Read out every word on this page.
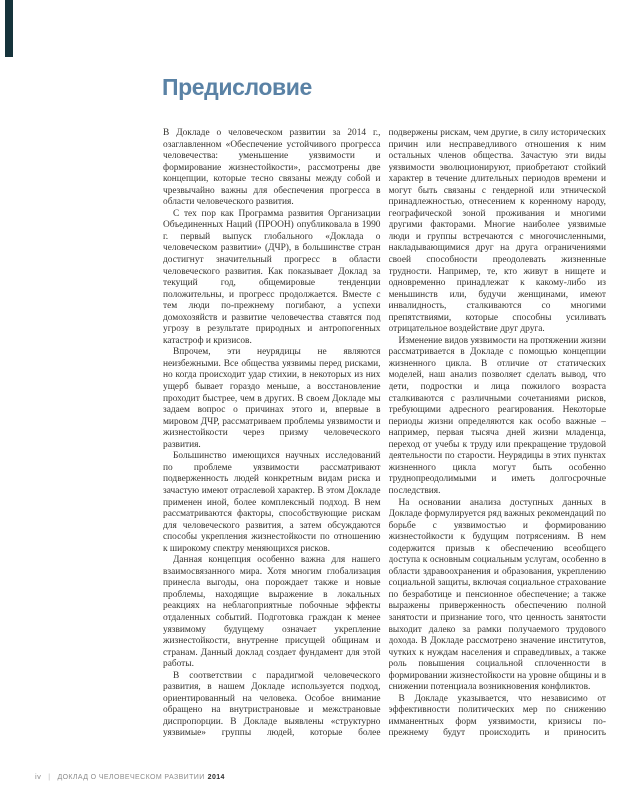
Предисловие

В Докладе о человеческом развитии за 2014 г., озаглавленном «Обеспечение устойчивого прогресса человечества: уменьшение уязвимости и формирование жизнестойкости», рассмотрены две концепции, которые тесно связаны между собой и чрезвычайно важны для обеспечения прогресса в области человеческого развития.

С тех пор как Программа развития Организации Объединенных Наций (ПРООН) опубликовала в 1990 г. первый выпуск глобального «Доклада о человеческом развитии» (ДЧР), в большинстве стран достигнут значительный прогресс в области человеческого развития. Как показывает Доклад за текущий год, общемировые тенденции положительны, и прогресс продолжается. Вместе с тем люди по-прежнему погибают, а успехи домохозяйств и развитие человечества ставятся под угрозу в результате природных и антропогенных катастроф и кризисов.

Впрочем, эти неурядицы не являются неизбежными. Все общества уязвимы перед рисками, но когда происходит удар стихии, в некоторых из них ущерб бывает гораздо меньше, а восстановление проходит быстрее, чем в других. В своем Докладе мы задаем вопрос о причинах этого и, впервые в мировом ДЧР, рассматриваем проблемы уязвимости и жизнестойкости через призму человеческого развития.

Большинство имеющихся научных исследований по проблеме уязвимости рассматривают подверженность людей конкретным видам риска и зачастую имеют отраслевой характер. В этом Докладе применен иной, более комплексный подход. В нем рассматриваются факторы, способствующие рискам для человеческого развития, а затем обсуждаются способы укрепления жизнестойкости по отношению к широкому спектру меняющихся рисков.

Данная концепция особенно важна для нашего взаимосвязанного мира. Хотя многим глобализация принесла выгоды, она порождает также и новые проблемы, находящие выражение в локальных реакциях на неблагоприятные побочные эффекты отдаленных событий. Подготовка граждан к менее уязвимому будущему означает укрепление жизнестойкости, внутренне присущей общинам и странам. Данный доклад создает фундамент для этой работы.

В соответствии с парадигмой человеческого развития, в нашем Докладе используется подход, ориентированный на человека. Особое внимание обращено на внутристрановые и межстрановые диспропорции. В Докладе выявлены «структурно уязвимые» группы людей, которые более

подвержены рискам, чем другие, в силу исторических причин или несправедливого отношения к ним остальных членов общества. Зачастую эти виды уязвимости эволюционируют, приобретают стойкий характер в течение длительных периодов времени и могут быть связаны с гендерной или этнической принадлежностью, отнесением к коренному народу, географической зоной проживания и многими другими факторами. Многие наиболее уязвимые люди и группы встречаются с многочисленными, накладывающимися друг на друга ограничениями своей способности преодолевать жизненные трудности. Например, те, кто живут в нищете и одновременно принадлежат к какому-либо из меньшинств или, будучи женщинами, имеют инвалидность, сталкиваются со многими препятствиями, которые способны усиливать отрицательное воздействие друг друга.

Изменение видов уязвимости на протяжении жизни рассматривается в Докладе с помощью концепции жизненного цикла. В отличие от статических моделей, наш анализ позволяет сделать вывод, что дети, подростки и лица пожилого возраста сталкиваются с различными сочетаниями рисков, требующими адресного реагирования. Некоторые периоды жизни определяются как особо важные – например, первая тысяча дней жизни младенца, переход от учебы к труду или прекращение трудовой деятельности по старости. Неурядицы в этих пунктах жизненного цикла могут быть особенно труднопреодолимыми и иметь долгосрочные последствия.

На основании анализа доступных данных в Докладе формулируется ряд важных рекомендаций по борьбе с уязвимостью и формированию жизнестойкости к будущим потрясениям. В нем содержится призыв к обеспечению всеобщего доступа к основным социальным услугам, особенно в области здравоохранения и образования, укреплению социальной защиты, включая социальное страхование по безработице и пенсионное обеспечение; а также выражены приверженность обеспечению полной занятости и признание того, что ценность занятости выходит далеко за рамки получаемого трудового дохода. В Докладе рассмотрено значение институтов, чутких к нуждам населения и справедливых, а также роль повышения социальной сплоченности в формировании жизнестойкости на уровне общины и в снижении потенциала возникновения конфликтов.

В Докладе указывается, что независимо от эффективности политических мер по снижению имманентных форм уязвимости, кризисы по-прежнему будут происходить и приносить

iv | ДОКЛАД О ЧЕЛОВЕЧЕСКОМ РАЗВИТИИ 2014
